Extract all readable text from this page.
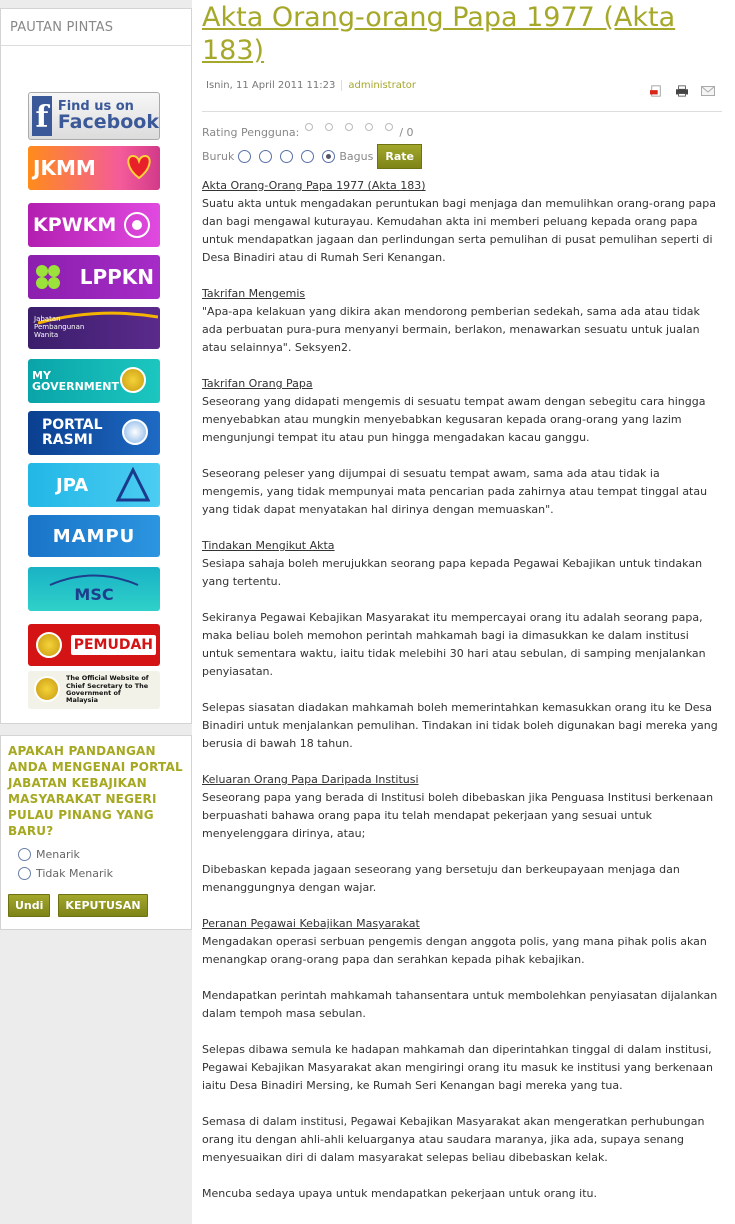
PAUTAN PINTAS
f Find us on
Facebook
JKMM
KPWKM
LPPKN
Jabatan Pembangunan Wanita
MY GOVERNMENT
PORTAL RASMI
JPA
MAMPU
MSC
PEMUDAH
The Official Website of Chief Secretary to The Government of Malaysia
APAKAH PANDANGAN ANDA MENGENAI PORTAL JABATAN KEBAJIKAN MASYARAKAT NEGERI PULAU PINANG YANG BARU?
Menarik
Tidak Menarik
Undi	KEPUTUSAN
Akta Orang-orang Papa 1977 (Akta 183)
Isnin, 11 April 2011 11:23	administrator
Rating Pengguna:	/ 0
Buruk	Bagus	Rate

Akta Orang-Orang Papa 1977 (Akta 183)
Suatu akta untuk mengadakan peruntukan bagi menjaga dan memulihkan orang-orang papa dan bagi mengawal kuturayau. Kemudahan akta ini memberi peluang kepada orang papa untuk mendapatkan jagaan dan perlindungan serta pemulihan di pusat pemulihan seperti di Desa Binadiri atau di Rumah Seri Kenangan.

Takrifan Mengemis
"Apa-apa kelakuan yang dikira akan mendorong pemberian sedekah, sama ada atau tidak ada perbuatan pura-pura menyanyi bermain, berlakon, menawarkan sesuatu untuk jualan atau selainnya". Seksyen2.

Takrifan Orang Papa
Seseorang yang didapati mengemis di sesuatu tempat awam dengan sebegitu cara hingga menyebabkan atau mungkin menyebabkan kegusaran kepada orang-orang yang lazim mengunjungi tempat itu atau pun hingga mengadakan kacau ganggu.

Seseorang peleser yang dijumpai di sesuatu tempat awam, sama ada atau tidak ia mengemis, yang tidak mempunyai mata pencarian pada zahirnya atau tempat tinggal atau yang tidak dapat menyatakan hal dirinya dengan memuaskan".

Tindakan Mengikut Akta
Sesiapa sahaja boleh merujukkan seorang papa kepada Pegawai Kebajikan untuk tindakan yang tertentu.

Sekiranya Pegawai Kebajikan Masyarakat itu mempercayai orang itu adalah seorang papa, maka beliau boleh memohon perintah mahkamah bagi ia dimasukkan ke dalam institusi untuk sementara waktu, iaitu tidak melebihi 30 hari atau sebulan, di samping menjalankan penyiasatan.

Selepas siasatan diadakan mahkamah boleh memerintahkan kemasukkan orang itu ke Desa Binadiri untuk menjalankan pemulihan. Tindakan ini tidak boleh digunakan bagi mereka yang berusia di bawah 18 tahun.

Keluaran Orang Papa Daripada Institusi
Seseorang papa yang berada di Institusi boleh dibebaskan jika Penguasa Institusi berkenaan berpuashati bahawa orang papa itu telah mendapat pekerjaan yang sesuai untuk menyelenggara dirinya, atau;

Dibebaskan kepada jagaan seseorang yang bersetuju dan berkeupayaan menjaga dan menanggungnya dengan wajar.

Peranan Pegawai Kebajikan Masyarakat
Mengadakan operasi serbuan pengemis dengan anggota polis, yang mana pihak polis akan menangkap orang-orang papa dan serahkan kepada pihak kebajikan.

Mendapatkan perintah mahkamah tahansentara untuk membolehkan penyiasatan dijalankan dalam tempoh masa sebulan.

Selepas dibawa semula ke hadapan mahkamah dan diperintahkan tinggal di dalam institusi, Pegawai Kebajikan Masyarakat akan mengiringi orang itu masuk ke institusi yang berkenaan iaitu Desa Binadiri Mersing, ke Rumah Seri Kenangan bagi mereka yang tua.

Semasa di dalam institusi, Pegawai Kebajikan Masyarakat akan mengeratkan perhubungan orang itu dengan ahli-ahli keluarganya atau saudara maranya, jika ada, supaya senang menyesuaikan diri di dalam masyarakat selepas beliau dibebaskan kelak.

Mencuba sedaya upaya untuk mendapatkan pekerjaan untuk orang itu.
